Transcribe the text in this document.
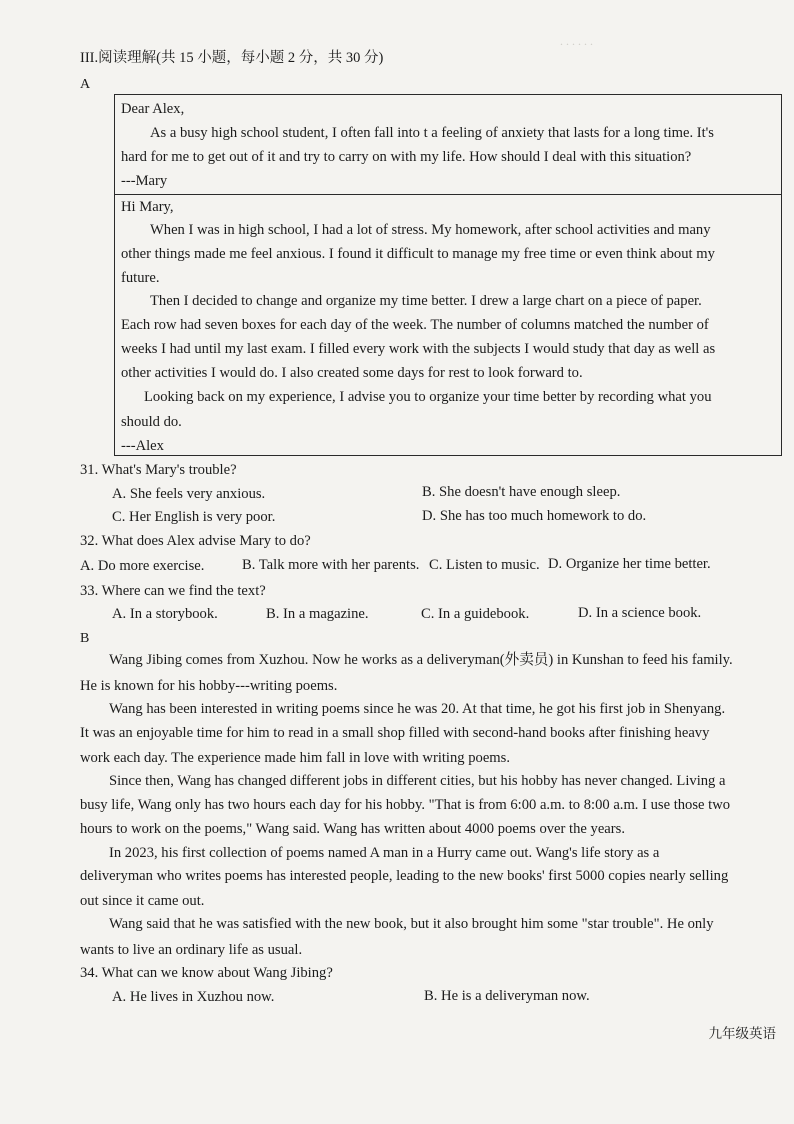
. . . . . .
III.阅读理解(共 15 小题，每小题 2 分，共 30 分)
A
Dear Alex,
As a busy high school student, I often fall into t a feeling of anxiety that lasts for a long time. It's
hard for me to get out of it and try to carry on with my life. How should I deal with this situation?
---Mary
Hi Mary,
When I was in high school, I had a lot of stress. My homework, after school activities and many
other things made me feel anxious. I found it difficult to manage my free time or even think about my
future.
Then I decided to change and organize my time better. I drew a large chart on a piece of paper.
Each row had seven boxes for each day of the week. The number of columns matched the number of
weeks I had until my last exam. I filled every work with the subjects I would study that day as well as
other activities I would do. I also created some days for rest to look forward to.
Looking back on my experience, I advise you to organize your time better by recording what you
should do.
---Alex
31. What's Mary's trouble?
A. She feels very anxious.	B. She doesn't have enough sleep.
C. Her English is very poor.	D. She has too much homework to do.
32. What does Alex advise Mary to do?
A. Do more exercise.	B. Talk more with her parents. C. Listen to music. D. Organize her time better.
33. Where can we find the text?
A. In a storybook.	B. In a magazine.	C. In a guidebook.	D. In a science book.
B
Wang Jibing comes from Xuzhou. Now he works as a deliveryman(外卖员) in Kunshan to feed his family.
He is known for his hobby---writing poems.
Wang has been interested in writing poems since he was 20. At that time, he got his first job in Shenyang.
It was an enjoyable time for him to read in a small shop filled with second-hand books after finishing heavy
work each day. The experience made him fall in love with writing poems.
Since then, Wang has changed different jobs in different cities, but his hobby has never changed. Living a
busy life, Wang only has two hours each day for his hobby. "That is from 6:00 a.m. to 8:00 a.m. I use those two
hours to work on the poems," Wang said. Wang has written about 4000 poems over the years.
In 2023, his first collection of poems named A man in a Hurry came out. Wang's life story as a
deliveryman who writes poems has interested people, leading to the new books' first 5000 copies nearly selling
out since it came out.
Wang said that he was satisfied with the new book, but it also brought him some "star trouble". He only
wants to live an ordinary life as usual.
34. What can we know about Wang Jibing?
A. He lives in Xuzhou now.	B. He is a deliveryman now.
九年级英语
